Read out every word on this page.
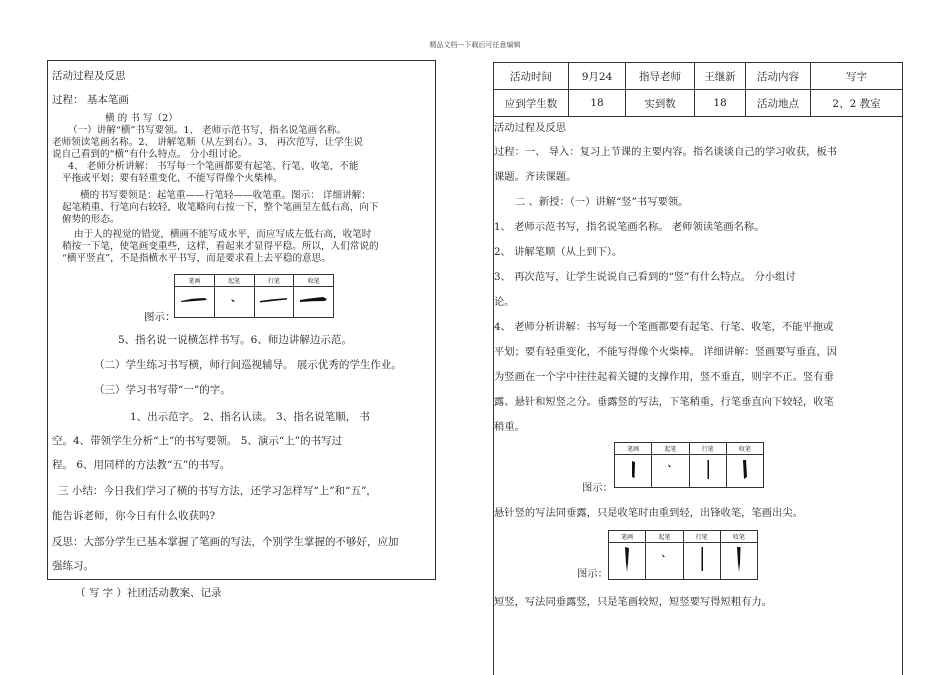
精品文档---下载后可任意编辑
活动过程及反思
过程： 基本笔画
横 的 书 写（2）
（一）讲解“横”书写要领。1、 老师示范书写，指名说笔画名称。
老师领读笔画名称。2、 讲解笔顺（从左到右）。3、 再次范写，让学生说
说自己看到的“横”有什么特点。 分小组讨论。
4、 老师分析讲解： 书写每一个笔画都要有起笔、行笔、收笔，不能
平拖或平划；要有轻重变化，不能写得像个火柴棒。
横的书写要领是：起笔重——行笔轻——收笔重。图示： 详细讲解：
起笔稍重、行笔向右较轻，收笔略向右按一下，整个笔画呈左低右高，向下
俯势的形态。
由于人的视觉的错觉，横画不能写成水平，而应写成左低右高，收笔时
稍按一下笔，使笔画变重些，这样，看起来才显得平稳。所以，人们常说的
“横平竖直”，不是指横水平书写，而是要求看上去平稳的意思。
图示：
5、指名说一说横怎样书写。6、师边讲解边示范。
（二）学生练习书写横，师行间巡视辅导。 展示优秀的学生作业。
（三）学习书写带“一”的字。
1、出示范字。 2、指名认读。 3、指名说笔顺， 书
空。4、带领学生分析“上”的书写要领。 5、演示“上”的书写过
程。 6、用同样的方法教“五”的书写。
三 小结：今日我们学习了横的书写方法，还学习怎样写“上”和“五”，
能告诉老师，你今日有什么收获吗?
反思：大部分学生已基本掌握了笔画的写法，个别学生掌握的不够好，应加
强练习。
笔画	起笔	行笔	收笔

（ 写 字 ）社团活动教案、记录
活动时间	9月24	指导老师	王继新	活动内容	写字
应到学生数	18	实到数	18	活动地点	2、2 教室
活动过程及反思
过程：一、 导入：复习上节课的主要内容。指名谈谈自己的学习收获，板书
课题。齐读课题。
二 、新授：（一）讲解“竖”书写要领。
1、 老师示范书写，指名说笔画名称。 老师领读笔画名称。
2、 讲解笔顺（从上到下）。
3、 再次范写，让学生说说自己看到的“竖”有什么特点。 分小组讨
论。
4、 老师分析讲解：书写每一个笔画都要有起笔、行笔、收笔，不能平拖或
平划；要有轻重变化，不能写得像个火柴棒。 详细讲解：竖画要写垂直，因
为竖画在一个字中往往起着关键的支撑作用，竖不垂直，则字不正。竖有垂
露、悬针和短竖之分。垂露竖的写法，下笔稍重，行笔垂直向下较轻，收笔
稍重。
图示：
悬针竖的写法同垂露，只是收笔时由重到轻，出锋收笔，笔画出尖。
图示：
短竖，写法同垂露竖，只是笔画较短，短竖要写得短粗有力。
笔画	起笔	行笔	收笔

笔画	起笔	行笔	收笔
